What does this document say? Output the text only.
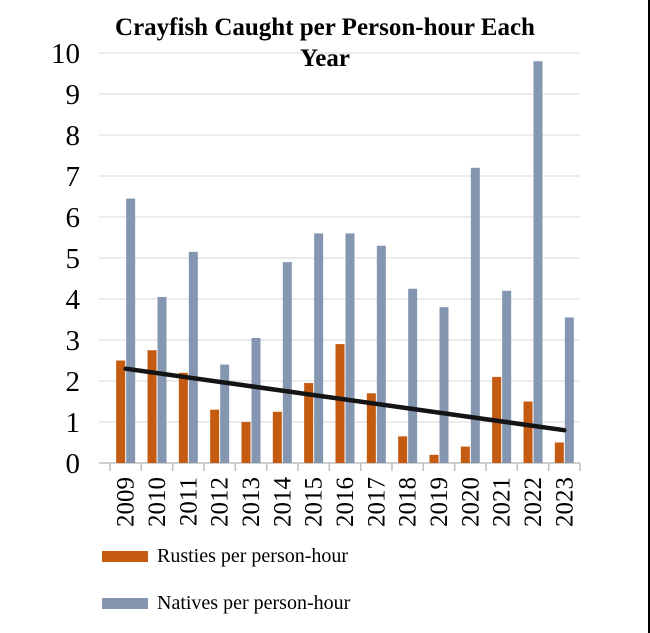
Crayfish Caught per Person-hour Each Year
0
1
2
3
4
5
6
7
8
9
10
2009 2010 2011 2012 2013 2014 2015 2016 2017 2018 2019 2020 2021 2022 2023
Rusties per person-hour
Natives per person-hour
